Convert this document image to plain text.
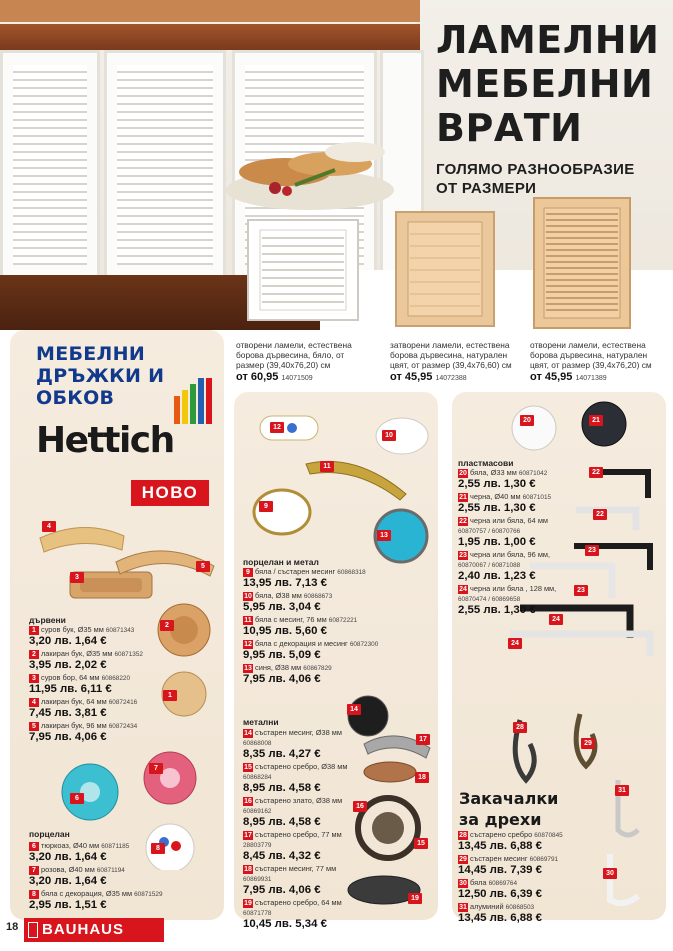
ЛАМЕЛНИ
МЕБЕЛНИ
ВРАТИ
ГОЛЯМО РАЗНООБРАЗИЕ
ОТ РАЗМЕРИ
отворени ламели, естествена
борова дървесина, бяло, от
размер (39,40x76,20) см
от 60,95 14071509
затворени ламели, естествена
борова дървесина, натурален
цвят, от размер (39,4x76,60) см
от 45,95 14072388
отворени ламели, естествена
борова дървесина, натурален
цвят, от размер (39,4x76,20) см
от 45,95 14071389
МЕБЕЛНИ
ДРЪЖКИ И
ОБКОВ
Hettich
НОВО
4
5
3
2
1
дървени
1 суров бук, Ø35 мм 60871343
3,20 лв. 1,64 €
2 лакиран бук, Ø35 мм 60871352
3,95 лв. 2,02 €
3 суров бор, 64 мм 60868220
11,95 лв. 6,11 €
4 лакиран бук, 64 мм 60872416
7,45 лв. 3,81 €
5 лакиран бук, 96 мм 60872434
7,95 лв. 4,06 €
7
6
8
порцелан
6 тюркоаз, Ø40 мм 60871185
3,20 лв. 1,64 €
7 розова, Ø40 мм 60871194
3,20 лв. 1,64 €
8 бяла с декорация, Ø35 мм 60871529
2,95 лв. 1,51 €
12
10
11
9
13
порцелан и метал
9 бяла / състарен месинг 60868318
13,95 лв. 7,13 €
10 бяла, Ø38 мм 60868673
5,95 лв. 3,04 €
11 бяла с месинг, 76 мм 60872221
10,95 лв. 5,60 €
12 бяла с декорация и месинг 60872300
9,95 лв. 5,09 €
13 синя, Ø38 мм 60867829
7,95 лв. 4,06 €
14
17
18
16
15
19
метални
14 състарен месинг, Ø38 мм 60868008
8,35 лв. 4,27 €
15 състарено сребро, Ø38 мм 60868284
8,95 лв. 4,58 €
16 състарено злато, Ø38 мм 60869162
8,95 лв. 4,58 €
17 състарено сребро, 77 мм 28803779
8,45 лв. 4,32 €
18 състарен месинг, 77 мм 60869931
7,95 лв. 4,06 €
19 състарено сребро, 64 мм 60871778
10,45 лв. 5,34 €
20	21
22
22
23
23
24
24
пластмасови
20 бяла, Ø33 мм 60871042
2,55 лв. 1,30 €
21 черна, Ø40 мм 60871015
2,55 лв. 1,30 €
22 черна или бяла, 64 мм 60870757 / 60870766
1,95 лв. 1,00 €
23 черна или бяла, 96 мм, 60870067 / 60871088
2,40 лв. 1,23 €
24 черна или бяла , 128 мм, 60870474 / 60869658
2,55 лв. 1,30 €
28
29
31
30
Закачалки
за дрехи
28 състарено сребро 60870845
13,45 лв. 6,88 €
29 състарен месинг 60869791
14,45 лв. 7,39 €
30 бяла 60869764
12,50 лв. 6,39 €
31 алуминий 60868503
13,45 лв. 6,88 €
18	BAUHAUS
